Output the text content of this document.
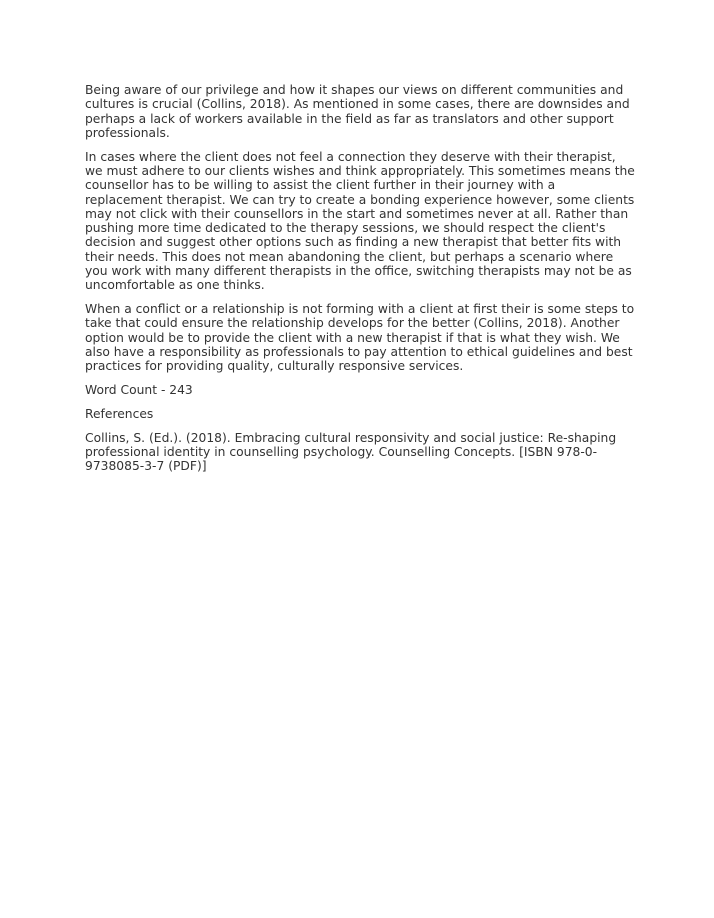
Being aware of our privilege and how it shapes our views on different communities and cultures is crucial (Collins, 2018). As mentioned in some cases, there are downsides and perhaps a lack of workers available in the field as far as translators and other support professionals.

In cases where the client does not feel a connection they deserve with their therapist, we must adhere to our clients wishes and think appropriately. This sometimes means the counsellor has to be willing to assist the client further in their journey with a replacement therapist. We can try to create a bonding experience however, some clients may not click with their counsellors in the start and sometimes never at all. Rather than pushing more time dedicated to the therapy sessions, we should respect the client's decision and suggest other options such as finding a new therapist that better fits with their needs. This does not mean abandoning the client, but perhaps a scenario where you work with many different therapists in the office, switching therapists may not be as uncomfortable as one thinks.

When a conflict or a relationship is not forming with a client at first their is some steps to take that could ensure the relationship develops for the better (Collins, 2018). Another option would be to provide the client with a new therapist if that is what they wish. We also have a responsibility as professionals to pay attention to ethical guidelines and best practices for providing quality, culturally responsive services.

Word Count - 243

References

Collins, S. (Ed.). (2018). Embracing cultural responsivity and social justice: Re-shaping professional identity in counselling psychology. Counselling Concepts. [ISBN 978-0-9738085-3-7 (PDF)]
